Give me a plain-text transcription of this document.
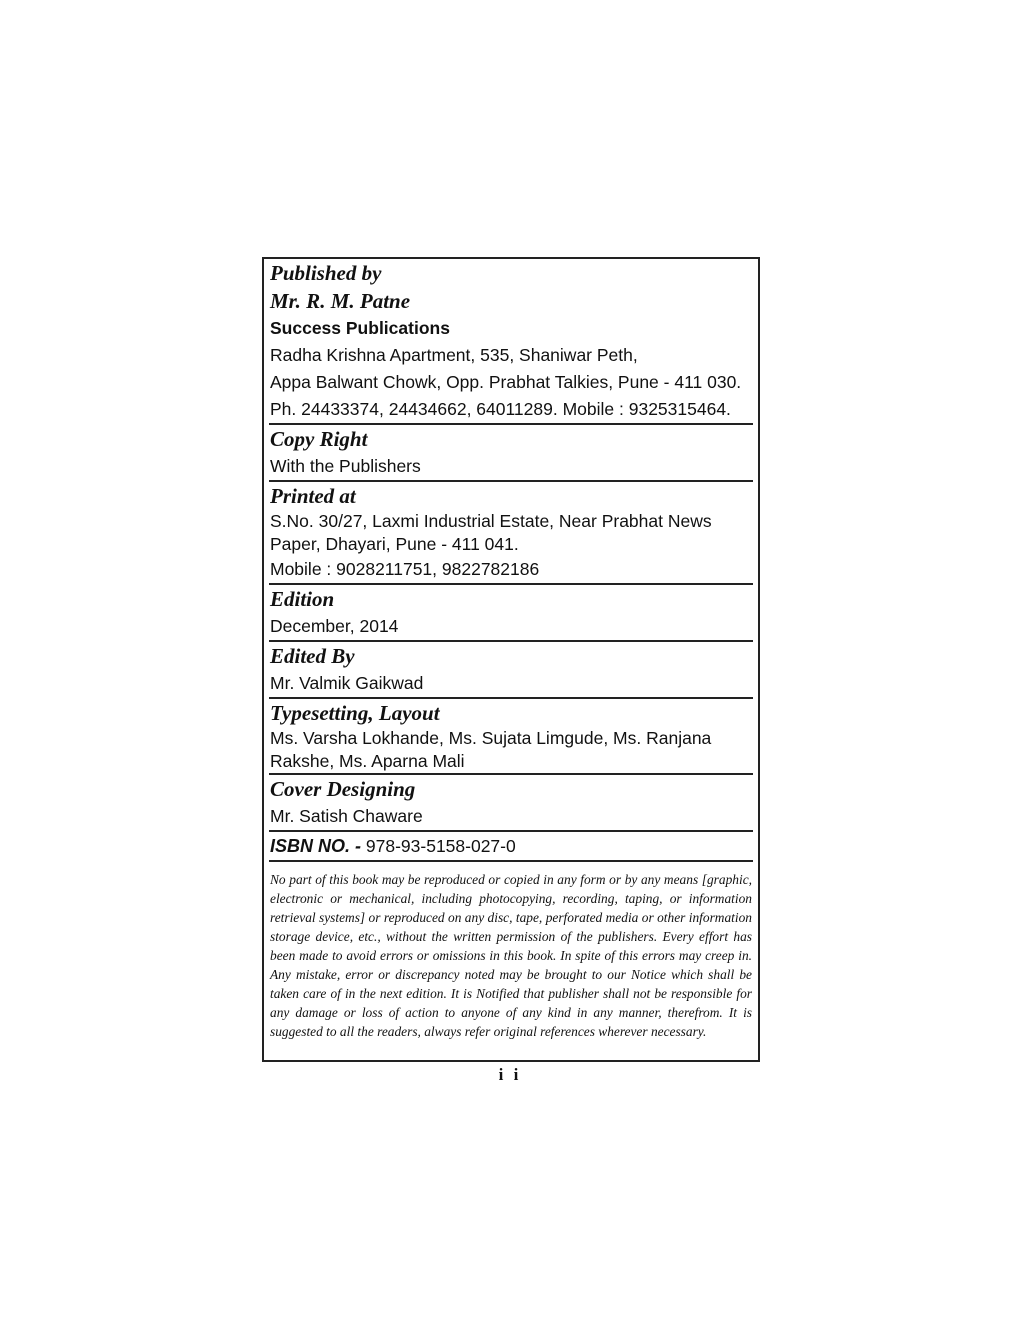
Published by
Mr. R. M. Patne
Success Publications
Radha Krishna Apartment, 535, Shaniwar Peth,
Appa Balwant Chowk, Opp. Prabhat Talkies, Pune - 411 030.
Ph. 24433374, 24434662, 64011289. Mobile : 9325315464.
Copy Right
With the Publishers
Printed at
S.No. 30/27, Laxmi Industrial Estate, Near Prabhat News Paper, Dhayari, Pune - 411 041.
Mobile : 9028211751, 9822782186
Edition
December, 2014
Edited By
Mr. Valmik Gaikwad
Typesetting, Layout
Ms. Varsha Lokhande, Ms. Sujata Limgude, Ms. Ranjana Rakshe, Ms. Aparna Mali
Cover Designing
Mr. Satish Chaware
ISBN NO. - 978-93-5158-027-0
No part of this book may be reproduced or copied in any form or by any means [graphic, electronic or mechanical, including photocopying, recording, taping, or information retrieval systems] or reproduced on any disc, tape, perforated media or other information storage device, etc., without the written permission of the publishers. Every effort has been made to avoid errors or omissions in this book. In spite of this errors may creep in. Any mistake, error or discrepancy noted may be brought to our Notice which shall be taken care of in the next edition. It is Notified that publisher shall not be responsible for any damage or loss of action to anyone of any kind in any manner, therefrom. It is suggested to all the readers, always refer original references wherever necessary.
i i
